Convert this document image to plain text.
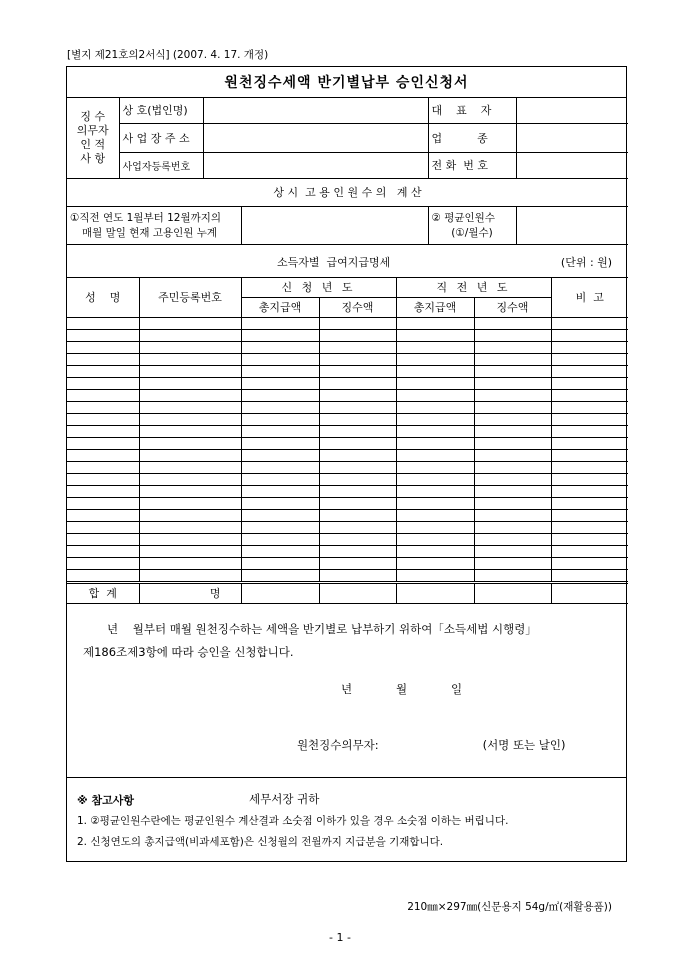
[별지 제21호의2서식] (2007. 4. 17. 개정)
원천징수세액 반기별납부 승인신청서
징 수
의무자
인 적
사 항	상 호(법인명)		대    표    자	
	사 업 장 주 소		업          종	
	사업자등록번호		전 화  번 호	
상 시  고 용 인 원 수 의   계 산

①직전 연도 1월부터 12월까지의
매월 말일 현재 고용인원 누계

② 평균인원수
(①/월수)

소득자별  급여지급명세 (단위 : 원)						

성    명	주민등록번호	신 청 년 도		직 전 년 도		비  고
		총지급액	징수액	총지급액	징수액	

합  계	명					

년    월부터 매월 원천징수하는 세액을 반기별로 납부하기 위하여「소득세법 시행령」

제186조제3항에 따라 승인을 신청합니다.

년            월            일

원천징수의무자:	(서명 또는 날인)

세무서장 귀하

※ 참고사항
1. ②평균인원수란에는 평균인원수 계산결과 소숫점 이하가 있을 경우 소숫점 이하는 버립니다.
2. 신청연도의 총지급액(비과세포함)은 신청월의 전월까지 지급분을 기재합니다.
210㎜×297㎜(신문용지 54g/㎡(재활용품))
- 1 -
